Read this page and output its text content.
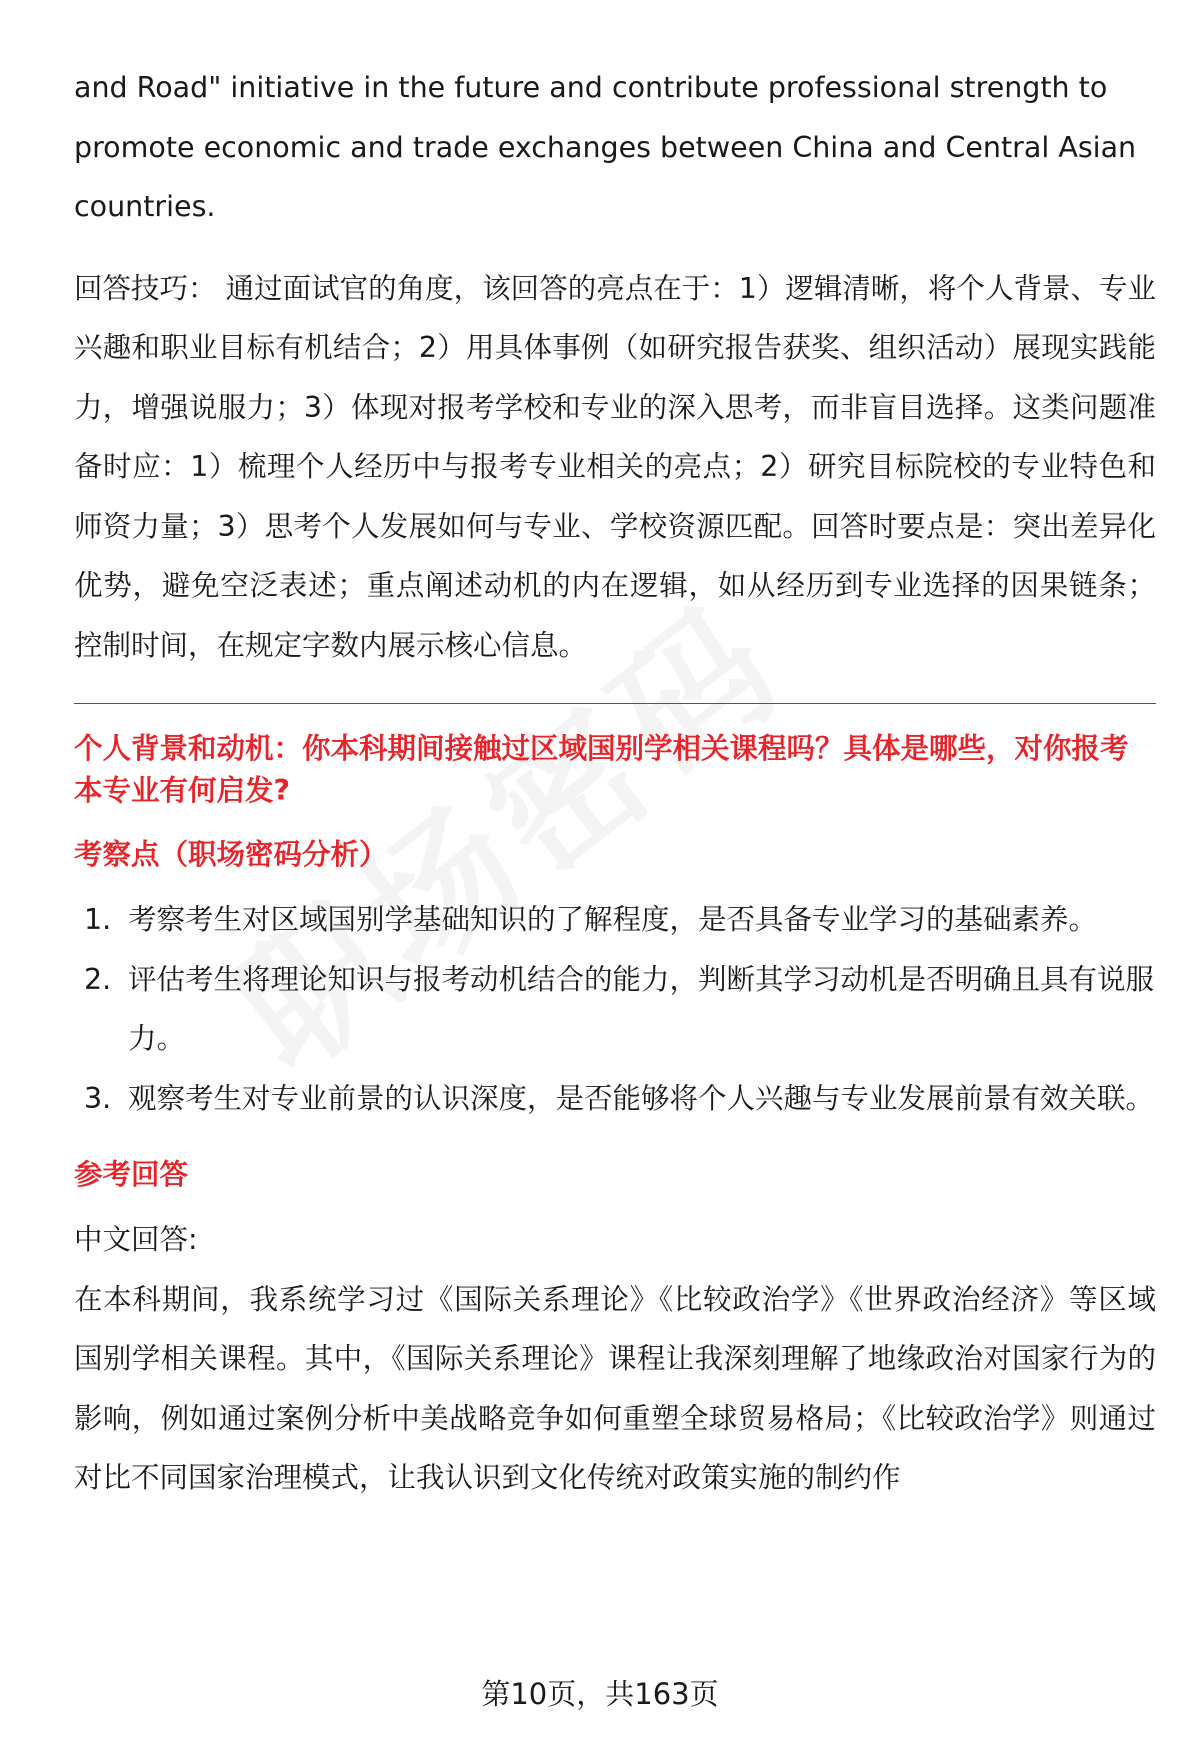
and Road" initiative in the future and contribute professional strength to promote economic and trade exchanges between China and Central Asian countries.

回答技巧： 通过面试官的角度，该回答的亮点在于：1）逻辑清晰，将个人背景、专业兴趣和职业目标有机结合；2）用具体事例（如研究报告获奖、组织活动）展现实践能力，增强说服力；3）体现对报考学校和专业的深入思考，而非盲目选择。这类问题准备时应：1）梳理个人经历中与报考专业相关的亮点；2）研究目标院校的专业特色和师资力量；3）思考个人发展如何与专业、学校资源匹配。回答时要点是：突出差异化优势，避免空泛表述；重点阐述动机的内在逻辑，如从经历到专业选择的因果链条；控制时间，在规定字数内展示核心信息。

个人背景和动机：你本科期间接触过区域国别学相关课程吗？具体是哪些，对你报考本专业有何启发?

考察点（职场密码分析）

1. 考察考生对区域国别学基础知识的了解程度，是否具备专业学习的基础素养。
2. 评估考生将理论知识与报考动机结合的能力，判断其学习动机是否明确且具有说服力。
3. 观察考生对专业前景的认识深度，是否能够将个人兴趣与专业发展前景有效关联。

参考回答

中文回答:

在本科期间，我系统学习过《国际关系理论》《比较政治学》《世界政治经济》等区域国别学相关课程。其中，《国际关系理论》课程让我深刻理解了地缘政治对国家行为的影响，例如通过案例分析中美战略竞争如何重塑全球贸易格局；《比较政治学》则通过对比不同国家治理模式，让我认识到文化传统对政策实施的制约作

第10页，共163页
